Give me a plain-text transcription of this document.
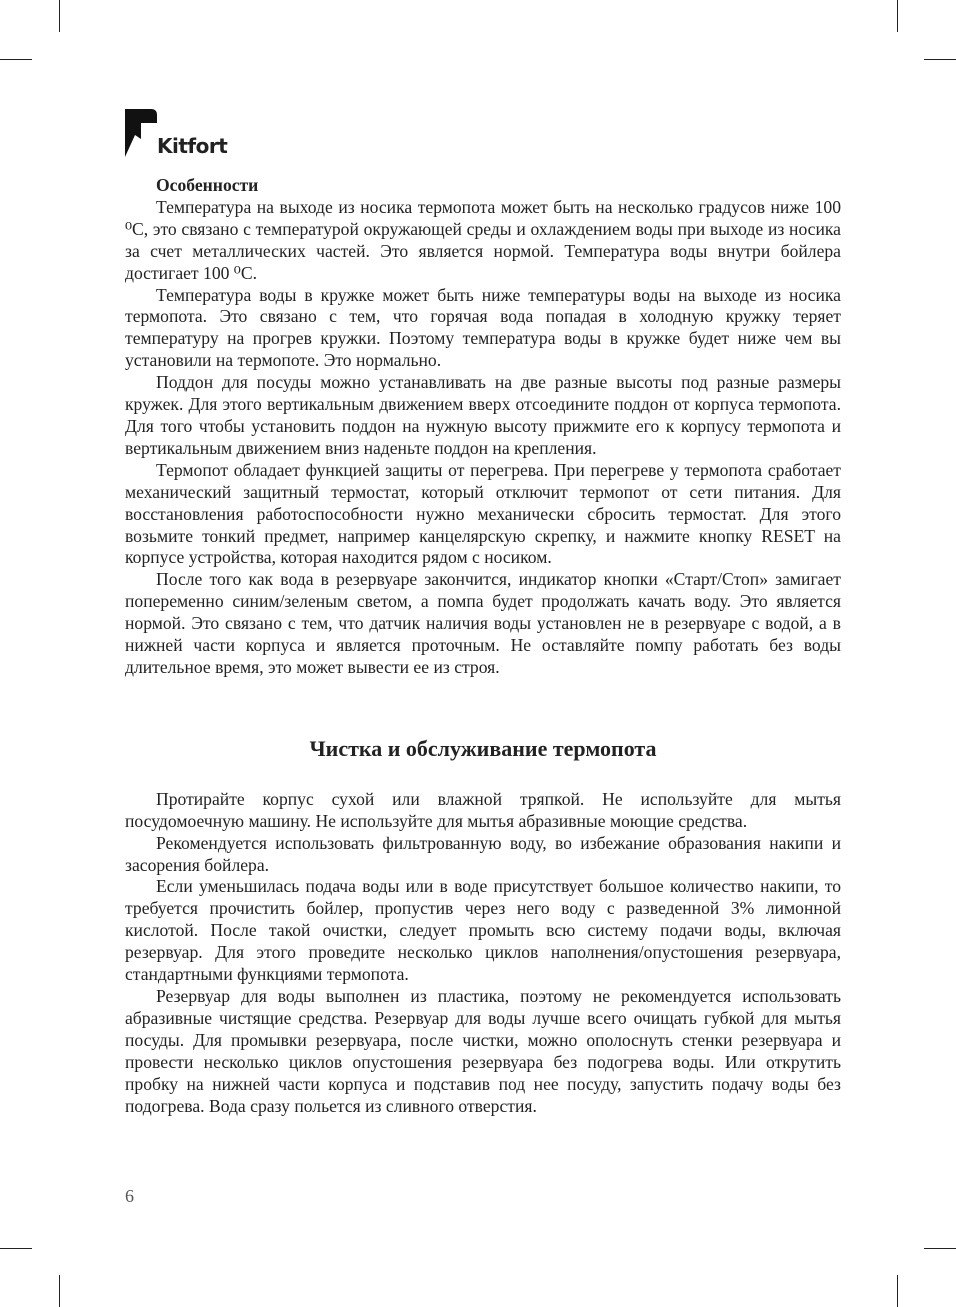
Kitfort
Особенности

Температура на выходе из носика термопота может быть на несколько градусов ниже 100 ⁰С, это связано с температурой окружающей среды и охлаждением воды при выходе из носика за счет металлических частей. Это является нормой. Температура воды внутри бойлера достигает 100 ⁰С.

Температура воды в кружке может быть ниже температуры воды на выходе из носика термопота. Это связано с тем, что горячая вода попадая в холодную кружку теряет температуру на прогрев кружки. Поэтому температура воды в кружке будет ниже чем вы установили на термопоте. Это нормально.

Поддон для посуды можно устанавливать на две разные высоты под разные размеры кружек. Для этого вертикальным движением вверх отсоедините поддон от корпуса термопота. Для того чтобы установить поддон на нужную высоту прижмите его к корпусу термопота и вертикальным движением вниз наденьте поддон на крепления.

Термопот обладает функцией защиты от перегрева. При перегреве у термопота сработает механический защитный термостат, который отключит термопот от сети питания. Для восстановления работоспособности нужно механически сбросить термостат. Для этого возьмите тонкий предмет, например канцелярскую скрепку, и нажмите кнопку RESET на корпусе устройства, которая находится рядом с носиком.

После того как вода в резервуаре закончится, индикатор кнопки «Старт/Стоп» замигает попеременно синим/зеленым светом, а помпа будет продолжать качать воду. Это является нормой. Это связано с тем, что датчик наличия воды установлен не в резервуаре с водой, а в нижней части корпуса и является проточным. Не оставляйте помпу работать без воды длительное время, это может вывести ее из строя.

Чистка и обслуживание термопота

Протирайте корпус сухой или влажной тряпкой. Не используйте для мытья посудомоечную машину. Не используйте для мытья абразивные моющие средства.

Рекомендуется использовать фильтрованную воду, во избежание образования накипи и засорения бойлера.

Если уменьшилась подача воды или в воде присутствует большое количество накипи, то требуется прочистить бойлер, пропустив через него воду с разведенной 3% лимонной кислотой. После такой очистки, следует промыть всю систему подачи воды, включая резервуар. Для этого проведите несколько циклов наполнения/опустошения резервуара, стандартными функциями термопота.

Резервуар для воды выполнен из пластика, поэтому не рекомендуется использовать абразивные чистящие средства. Резервуар для воды лучше всего очищать губкой для мытья посуды. Для промывки резервуара, после чистки, можно ополоснуть стенки резервуара и провести несколько циклов опустошения резервуара без подогрева воды. Или открутить пробку на нижней части корпуса и подставив под нее посуду, запустить подачу воды без подогрева. Вода сразу польется из сливного отверстия.

6
